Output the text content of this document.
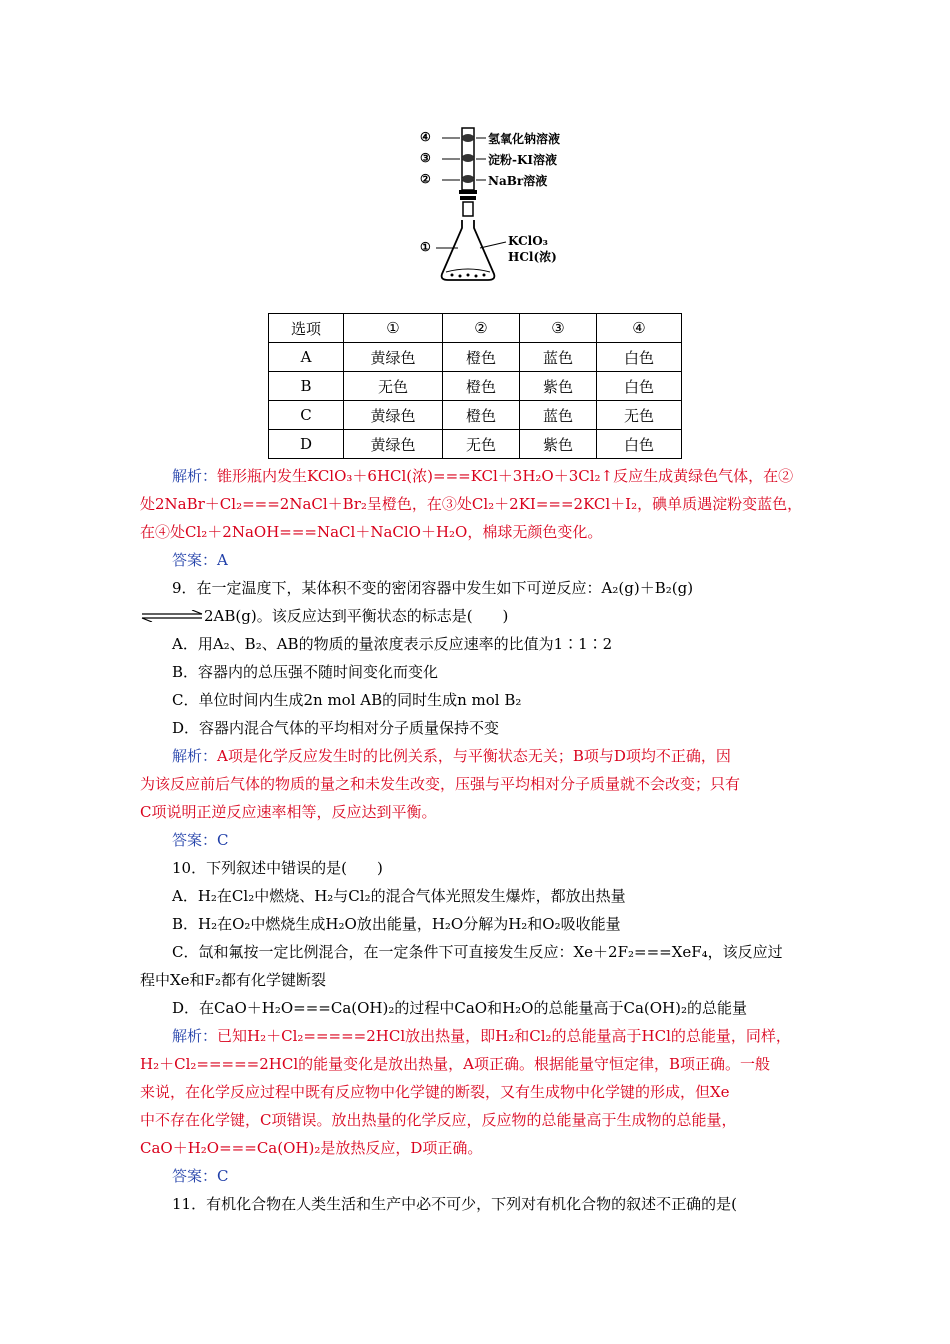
④
③
②
①
氢氧化钠溶液
淀粉-KI溶液
NaBr溶液
KClO₃
HCl(浓)
选项	①	②	③	④
A	黄绿色	橙色	蓝色	白色
B	无色	橙色	紫色	白色
C	黄绿色	橙色	蓝色	无色
D	黄绿色	无色	紫色	白色
解析：锥形瓶内发生KClO₃＋6HCl(浓)===KCl＋3H₂O＋3Cl₂↑反应生成黄绿色气体，在②
处2NaBr＋Cl₂===2NaCl＋Br₂呈橙色，在③处Cl₂＋2KI===2KCl＋I₂，碘单质遇淀粉变蓝色，
在④处Cl₂＋2NaOH===NaCl＋NaClO＋H₂O，棉球无颜色变化。
答案：A
9．在一定温度下，某体积不变的密闭容器中发生如下可逆反应：A₂(g)＋B₂(g)
2AB(g)。该反应达到平衡状态的标志是(　　)
A．用A₂、B₂、AB的物质的量浓度表示反应速率的比值为1∶1∶2
B．容器内的总压强不随时间变化而变化
C．单位时间内生成2n mol AB的同时生成n mol B₂
D．容器内混合气体的平均相对分子质量保持不变
解析：A项是化学反应发生时的比例关系，与平衡状态无关；B项与D项均不正确，因
为该反应前后气体的物质的量之和未发生改变，压强与平均相对分子质量就不会改变；只有
C项说明正逆反应速率相等，反应达到平衡。
答案：C
10．下列叙述中错误的是(　　)
A．H₂在Cl₂中燃烧、H₂与Cl₂的混合气体光照发生爆炸，都放出热量
B．H₂在O₂中燃烧生成H₂O放出能量，H₂O分解为H₂和O₂吸收能量
C．氙和氟按一定比例混合，在一定条件下可直接发生反应：Xe＋2F₂===XeF₄，该反应过
程中Xe和F₂都有化学键断裂
D．在CaO＋H₂O===Ca(OH)₂的过程中CaO和H₂O的总能量高于Ca(OH)₂的总能量
解析：已知H₂＋Cl₂=====2HCl放出热量，即H₂和Cl₂的总能量高于HCl的总能量，同样，
H₂＋Cl₂=====2HCl的能量变化是放出热量，A项正确。根据能量守恒定律，B项正确。一般
来说，在化学反应过程中既有反应物中化学键的断裂，又有生成物中化学键的形成，但Xe
中不存在化学键，C项错误。放出热量的化学反应，反应物的总能量高于生成物的总能量，
CaO＋H₂O===Ca(OH)₂是放热反应，D项正确。
答案：C
11．有机化合物在人类生活和生产中必不可少，下列对有机化合物的叙述不正确的是(
